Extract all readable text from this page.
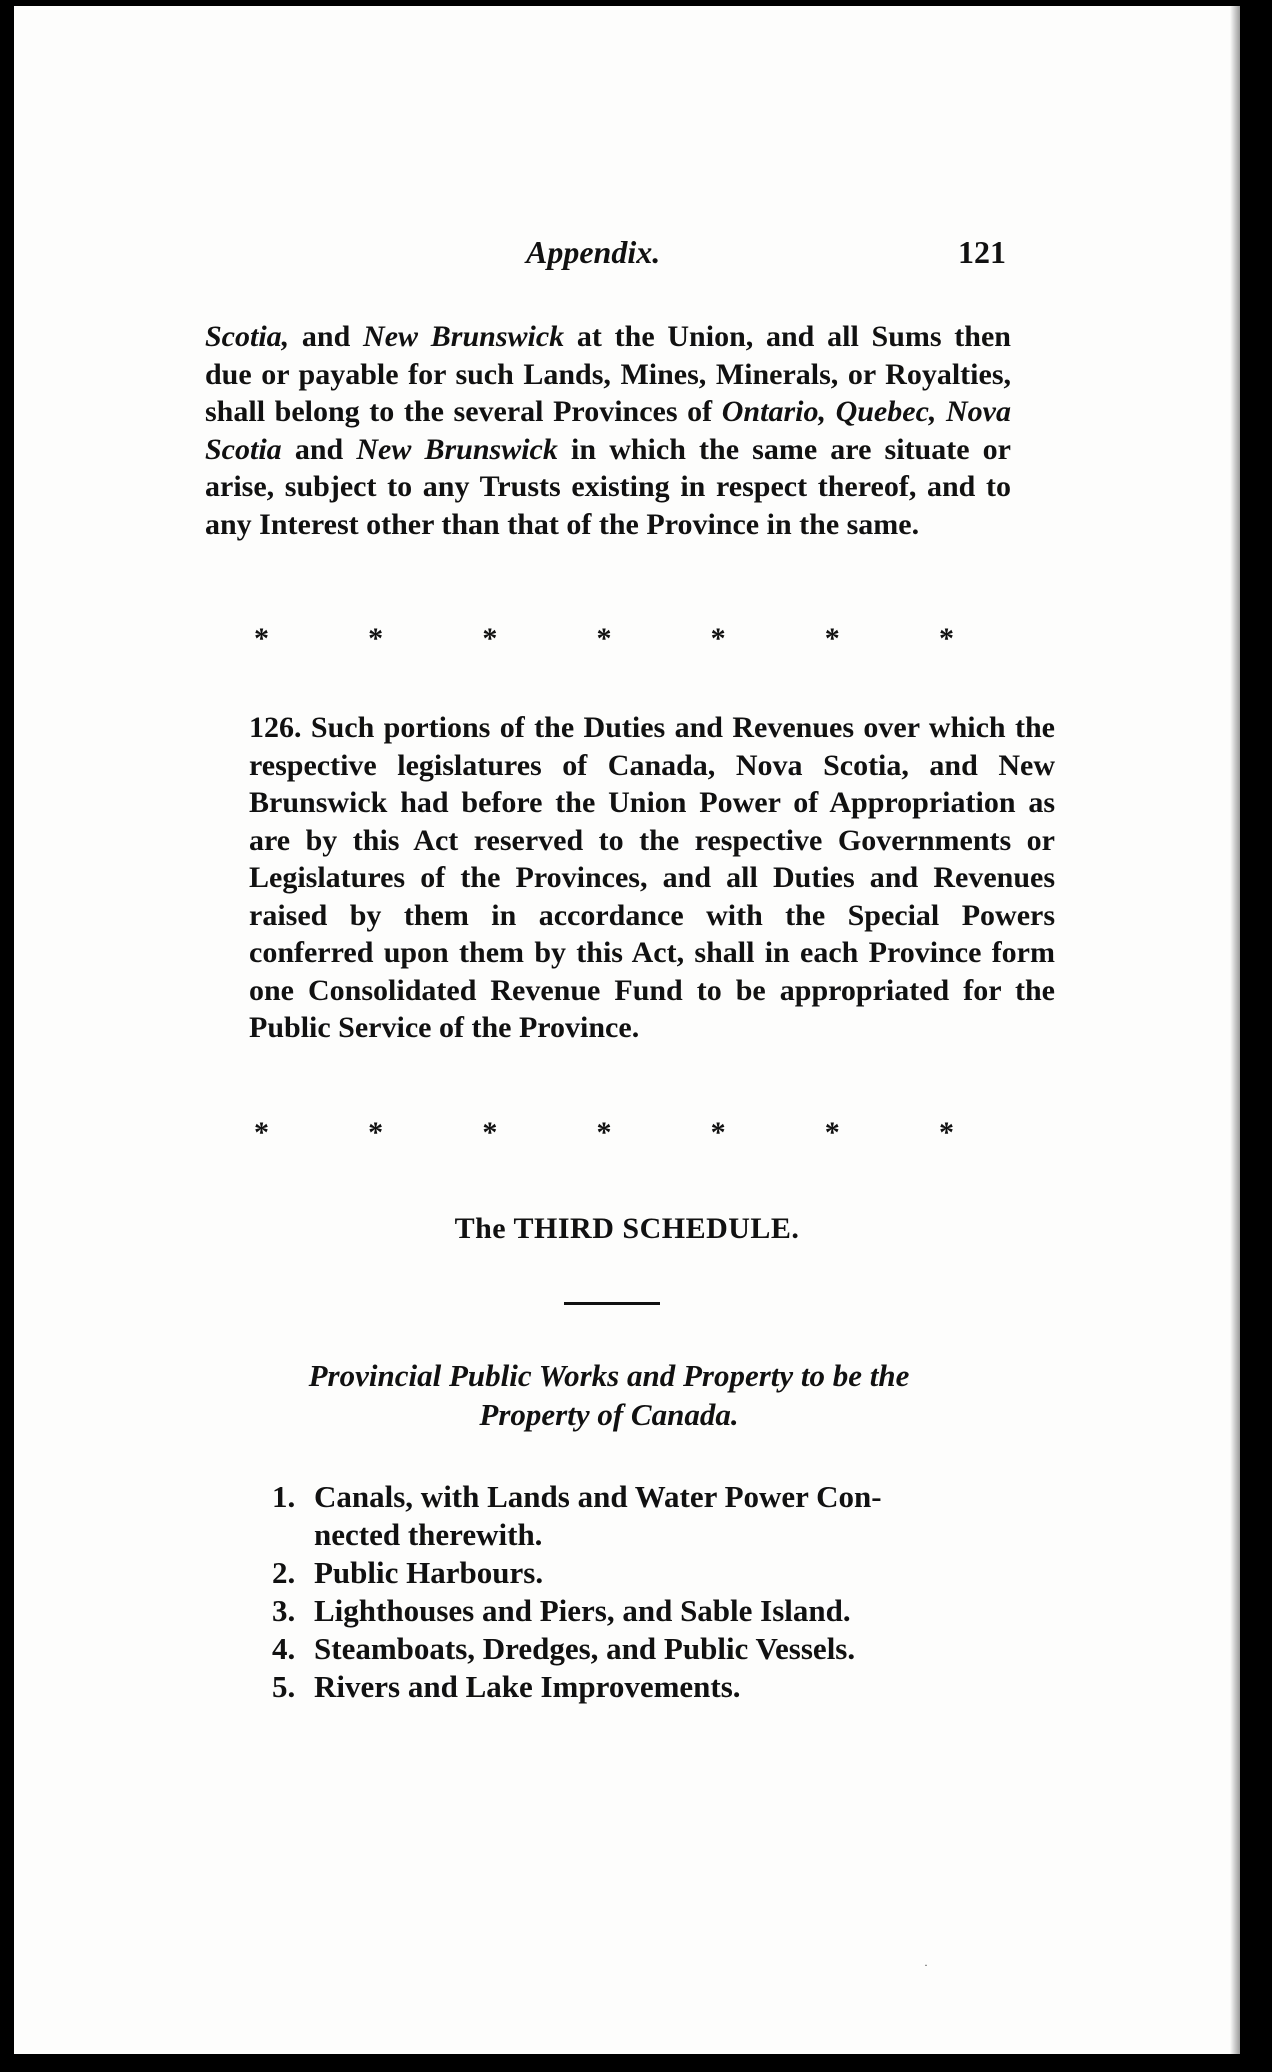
Appendix.	121

Scotia, and New Brunswick at the Union, and all Sums then due or payable for such Lands, Mines, Minerals, or Royalties, shall belong to the several Provinces of Ontario, Quebec, Nova Scotia and New Brunswick in which the same are situate or arise, subject to any Trusts existing in respect thereof, and to any Interest other than that of the Province in the same.

*	*	*	*	*	*	*

126. Such portions of the Duties and Revenues over which the respective legislatures of Canada, Nova Scotia, and New Brunswick had before the Union Power of Appropriation as are by this Act reserved to the respective Governments or Legislatures of the Provinces, and all Duties and Revenues raised by them in accordance with the Special Powers conferred upon them by this Act, shall in each Province form one Consolidated Revenue Fund to be appropriated for the Public Service of the Province.

*	*	*	*	*	*	*
The THIRD SCHEDULE.
Provincial Public Works and Property to be the
Property of Canada.
1. Canals, with Lands and Water Power Con-
nected therewith.
2. Public Harbours.
3. Lighthouses and Piers, and Sable Island.
4. Steamboats, Dredges, and Public Vessels.
5. Rivers and Lake Improvements.
·
